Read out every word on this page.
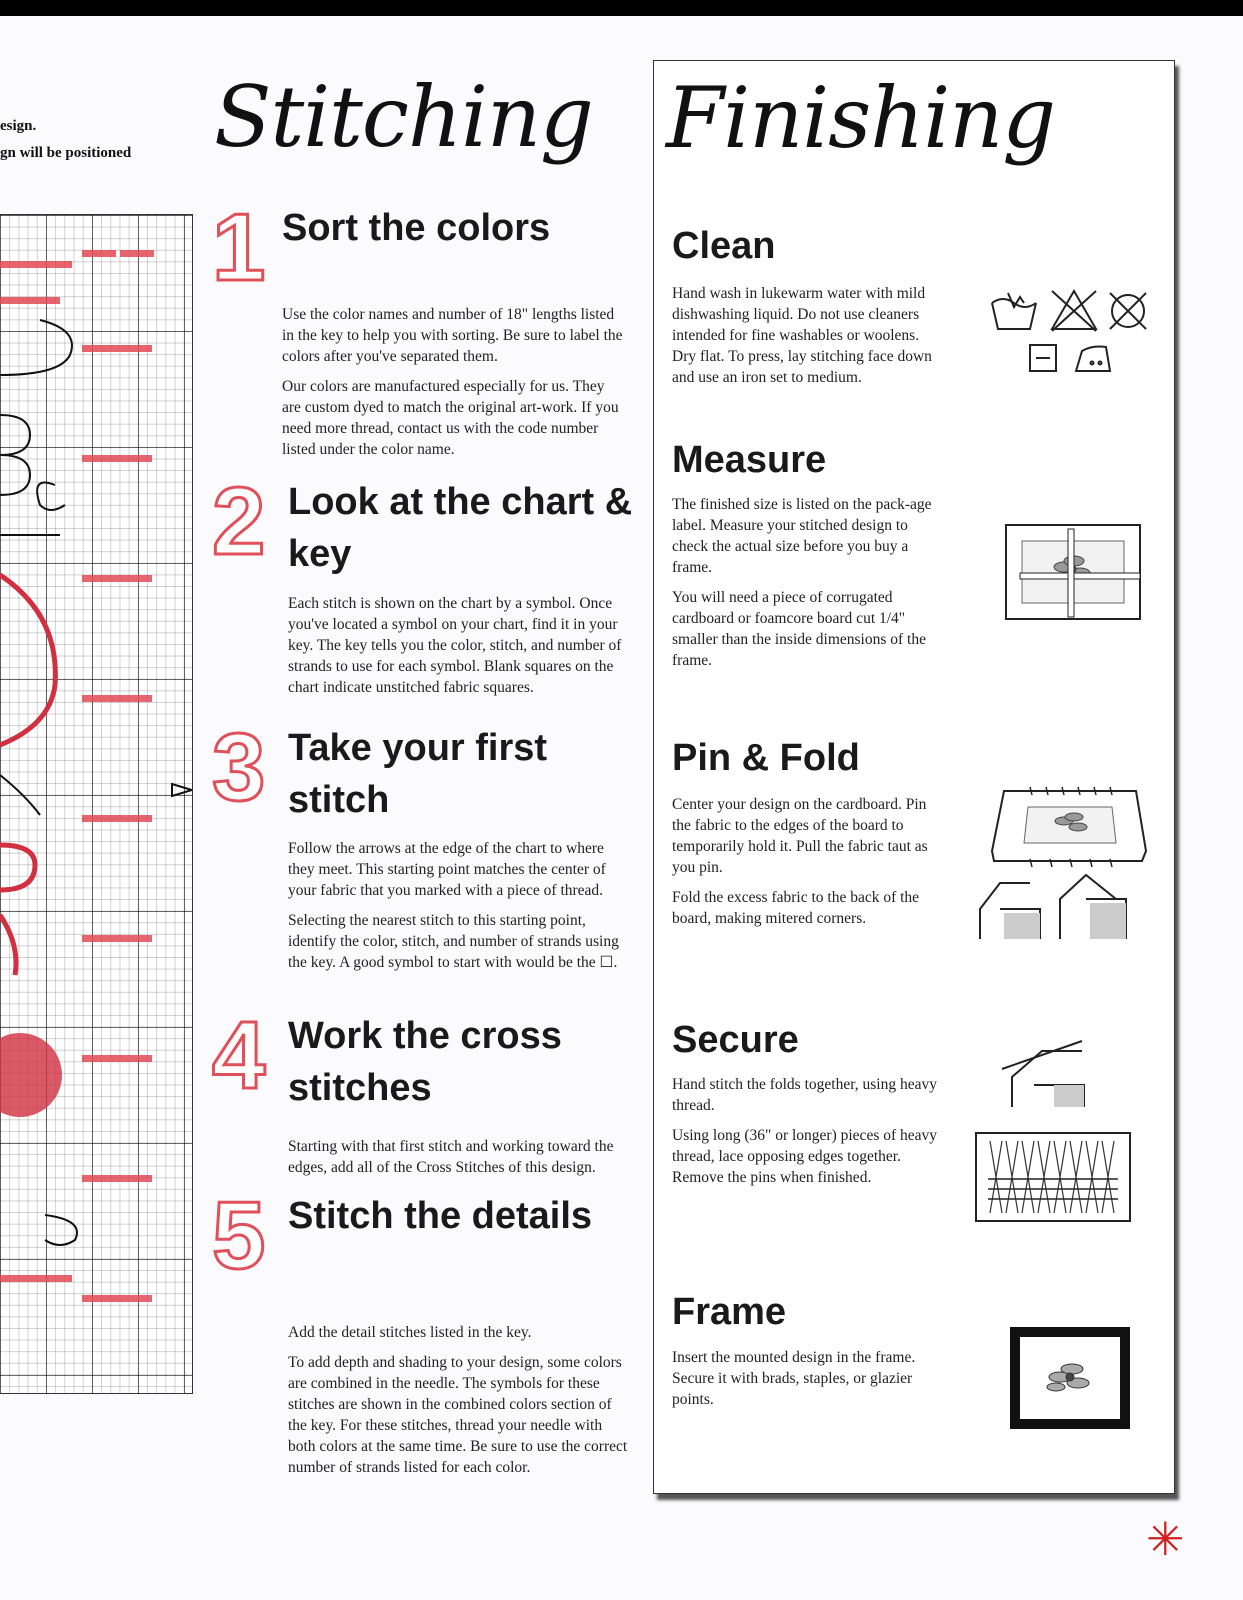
esign.
gn will be positioned Stitching
1 Sort the colors

Use the color names and number of 18" lengths listed in the key to help you with sorting. Be sure to label the colors after you've separated them.

Our colors are manufactured especially for us. They are custom dyed to match the original art-work. If you need more thread, contact us with the code number listed under the color name.

2 Look at the chart & key

Each stitch is shown on the chart by a symbol. Once you've located a symbol on your chart, find it in your key. The key tells you the color, stitch, and number of strands to use for each symbol. Blank squares on the chart indicate unstitched fabric squares.

3 Take your first stitch

Follow the arrows at the edge of the chart to where they meet. This starting point matches the center of your fabric that you marked with a piece of thread.

Selecting the nearest stitch to this starting point, identify the color, stitch, and number of strands using the key. A good symbol to start with would be the ☐.

4 Work the cross stitches

Starting with that first stitch and working toward the edges, add all of the Cross Stitches of this design.

5 Stitch the details

Add the detail stitches listed in the key.

To add depth and shading to your design, some colors are combined in the needle. The symbols for these stitches are shown in the combined colors section of the key. For these stitches, thread your needle with both colors at the same time. Be sure to use the correct number of strands listed for each color.

Finishing
Clean

Hand wash in lukewarm water with mild dishwashing liquid. Do not use cleaners intended for fine washables or woolens. Dry flat. To press, lay stitching face down and use an iron set to medium.

Measure

The finished size is listed on the pack-age label. Measure your stitched design to check the actual size before you buy a frame.

You will need a piece of corrugated cardboard or foamcore board cut 1/4" smaller than the inside dimensions of the frame.

Pin & Fold

Center your design on the cardboard. Pin the fabric to the edges of the board to temporarily hold it. Pull the fabric taut as you pin.

Fold the excess fabric to the back of the board, making mitered corners.

Secure

Hand stitch the folds together, using heavy thread.

Using long (36" or longer) pieces of heavy thread, lace opposing edges together. Remove the pins when finished.

Frame

Insert the mounted design in the frame. Secure it with brads, staples, or glazier points.

✳
